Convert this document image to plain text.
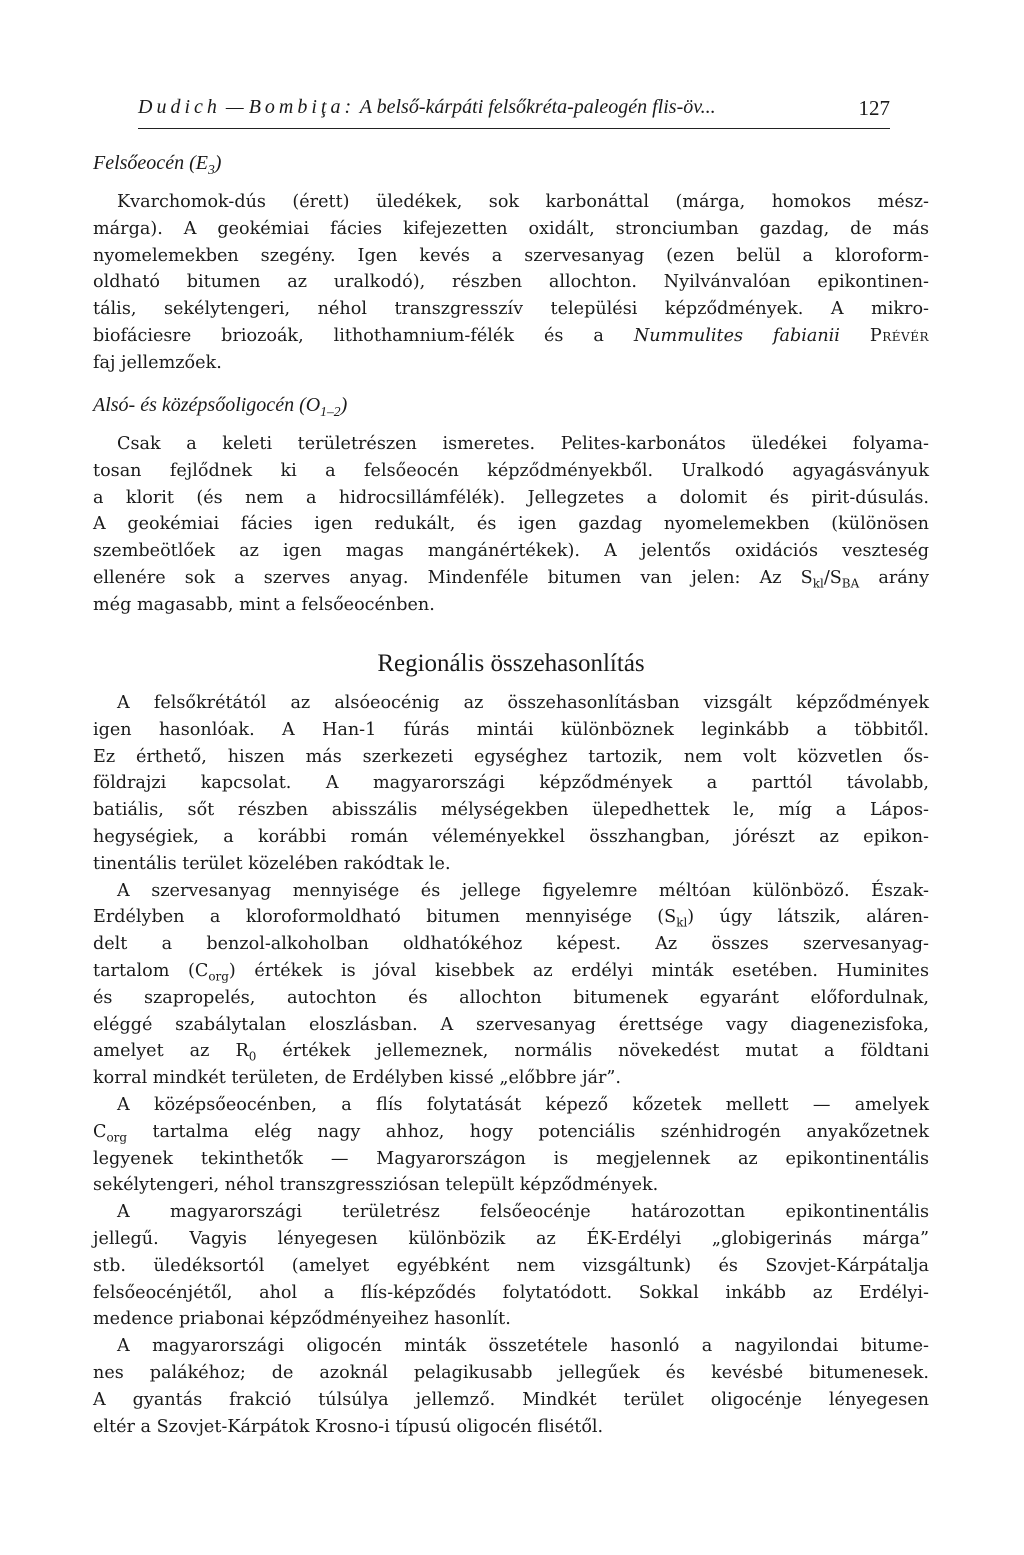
Dudich — Bombiţa: A belső-kárpáti felsőkréta-paleogén flis-öv...	127
Felsőeocén $(E_3)$
Kvarchomok-dús (érett) üledékek, sok karbonáttal (márga, homokos mész-
márga). A geokémiai fácies kifejezetten oxidált, stronciumban gazdag, de más
nyomelemekben szegény. Igen kevés a szervesanyag (ezen belül a kloroform-
oldható bitumen az uralkodó), részben allochton. Nyilvánvalóan epikontinen-
tális, sekélytengeri, néhol transzgresszív települési képződmények. A mikro-
biofáciesre briozoák, lithothamnium-félék és a Nummulites fabianii Prévér
faj jellemzőek.
Alsó- és középsőoligocén $(O_{1-2})$
Csak a keleti területrészen ismeretes. Pelites-karbonátos üledékei folyama-
tosan fejlődnek ki a felsőeocén képződményekből. Uralkodó agyagásványuk
a klorit (és nem a hidrocsillámfélék). Jellegzetes a dolomit és pirit-dúsulás.
A geokémiai fácies igen redukált, és igen gazdag nyomelemekben (különösen
szembeötlőek az igen magas mangánértékek). A jelentős oxidációs veszteség
ellenére sok a szerves anyag. Mindenféle bitumen van jelen: Az $S_{kl}/S_{BA}$ arány
még magasabb, mint a felsőeocénben.
Regionális összehasonlítás
A felsőkrétától az alsóeocénig az összehasonlításban vizsgált képződmények
igen hasonlóak. A Han-1 fúrás mintái különböznek leginkább a többitől.
Ez érthető, hiszen más szerkezeti egységhez tartozik, nem volt közvetlen ős-
földrajzi kapcsolat. A magyarországi képződmények a parttól távolabb,
batiális, sőt részben abisszális mélységekben ülepedhettek le, míg a Lápos-
hegységiek, a korábbi román véleményekkel összhangban, jórészt az epikon-
tinentális terület közelében rakódtak le.
A szervesanyag mennyisége és jellege figyelemre méltóan különböző. Észak-
Erdélyben a kloroformoldható bitumen mennyisége $(S_{kl})$ úgy látszik, aláren-
delt a benzol-alkoholban oldhatókéhoz képest. Az összes szervesanyag-
tartalom $(C_{org})$ értékek is jóval kisebbek az erdélyi minták esetében. Huminites
és szapropelés, autochton és allochton bitumenek egyaránt előfordulnak,
eléggé szabálytalan eloszlásban. A szervesanyag érettsége vagy diagenezisfoka,
amelyet az $R_0$ értékek jellemeznek, normális növekedést mutat a földtani
korral mindkét területen, de Erdélyben kissé „előbbre jár”.
A középsőeocénben, a flís folytatását képező kőzetek mellett — amelyek
$C_{org}$ tartalma elég nagy ahhoz, hogy potenciális szénhidrogén anyakőzetnek
legyenek tekinthetők — Magyarországon is megjelennek az epikontinentális
sekélytengeri, néhol transzgressziósan települt képződmények.
A magyarországi területrész felsőeocénje határozottan epikontinentális
jellegű. Vagyis lényegesen különbözik az ÉK-Erdélyi „globigerinás márga”
stb. üledéksortól (amelyet egyébként nem vizsgáltunk) és Szovjet-Kárpátalja
felsőeocénjétől, ahol a flís-képződés folytatódott. Sokkal inkább az Erdélyi-
medence priabonai képződményeihez hasonlít.
A magyarországi oligocén minták összetétele hasonló a nagyilondai bitume-
nes palákéhoz; de azoknál pelagikusabb jellegűek és kevésbé bitumenesek.
A gyantás frakció túlsúlya jellemző. Mindkét terület oligocénje lényegesen
eltér a Szovjet-Kárpátok Krosno-i típusú oligocén flisétől.
